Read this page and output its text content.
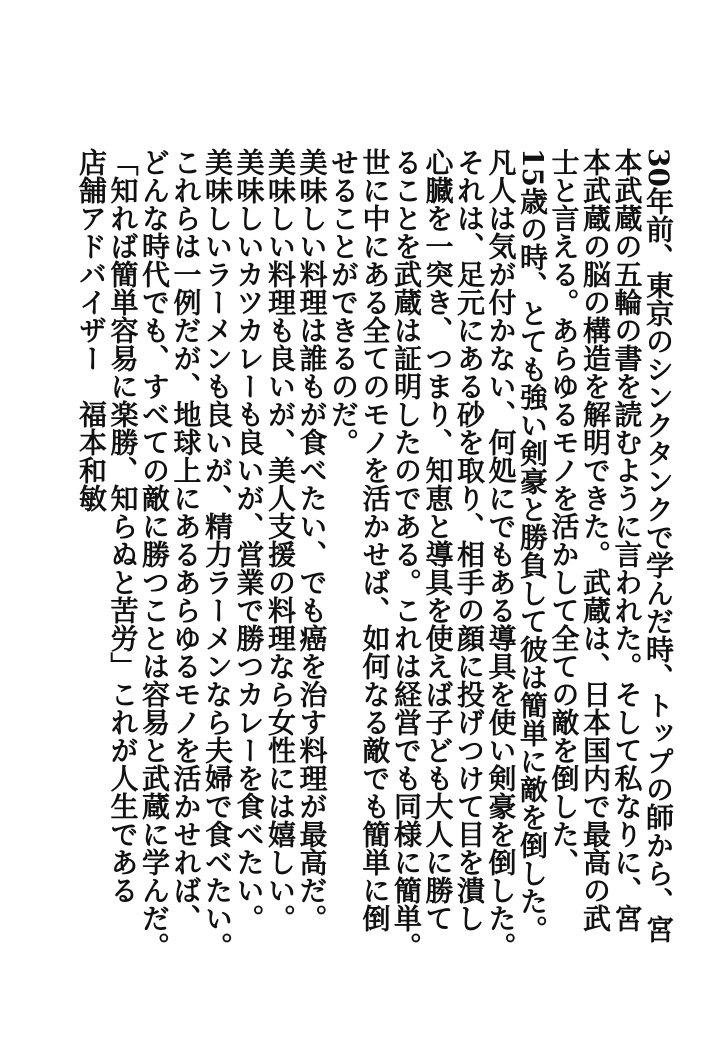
30年前、東京のシンクタンクで学んだ時、トップの師から、宮
本武蔵の五輪の書を読むように言われた。そして私なりに、宮
本武蔵の脳の構造を解明できた。武蔵は、日本国内で最高の武
士と言える。あらゆるモノを活かして全ての敵を倒した、
15歳の時、とても強い剣豪と勝負して彼は簡単に敵を倒した。
凡人は気が付かない、何処にでもある導具を使い剣豪を倒した。
それは、足元にある砂を取り、相手の顔に投げつけて目を潰し
心臓を一突き、つまり、知恵と導具を使えば子ども大人に勝て
ることを武蔵は証明したのである。これは経営でも同様に簡単。
世に中にある全てのモノを活かせば、如何なる敵でも簡単に倒
せることができるのだ。
美味しい料理は誰もが食べたい、でも癌を治す料理が最高だ。
美味しい料理も良いが、美人支援の料理なら女性には嬉しい。
美味しいカツカレーも良いが、営業で勝つカレーを食べたい。
美味しいラーメンも良いが、精力ラーメンなら夫婦で食べたい。
これらは一例だが、地球上にあるあらゆるモノを活かせれば、
どんな時代でも、すべての敵に勝つことは容易と武蔵に学んだ。
「知れば簡単容易に楽勝、知らぬと苦労」これが人生である
店舗アドバイザー　福本和敏
